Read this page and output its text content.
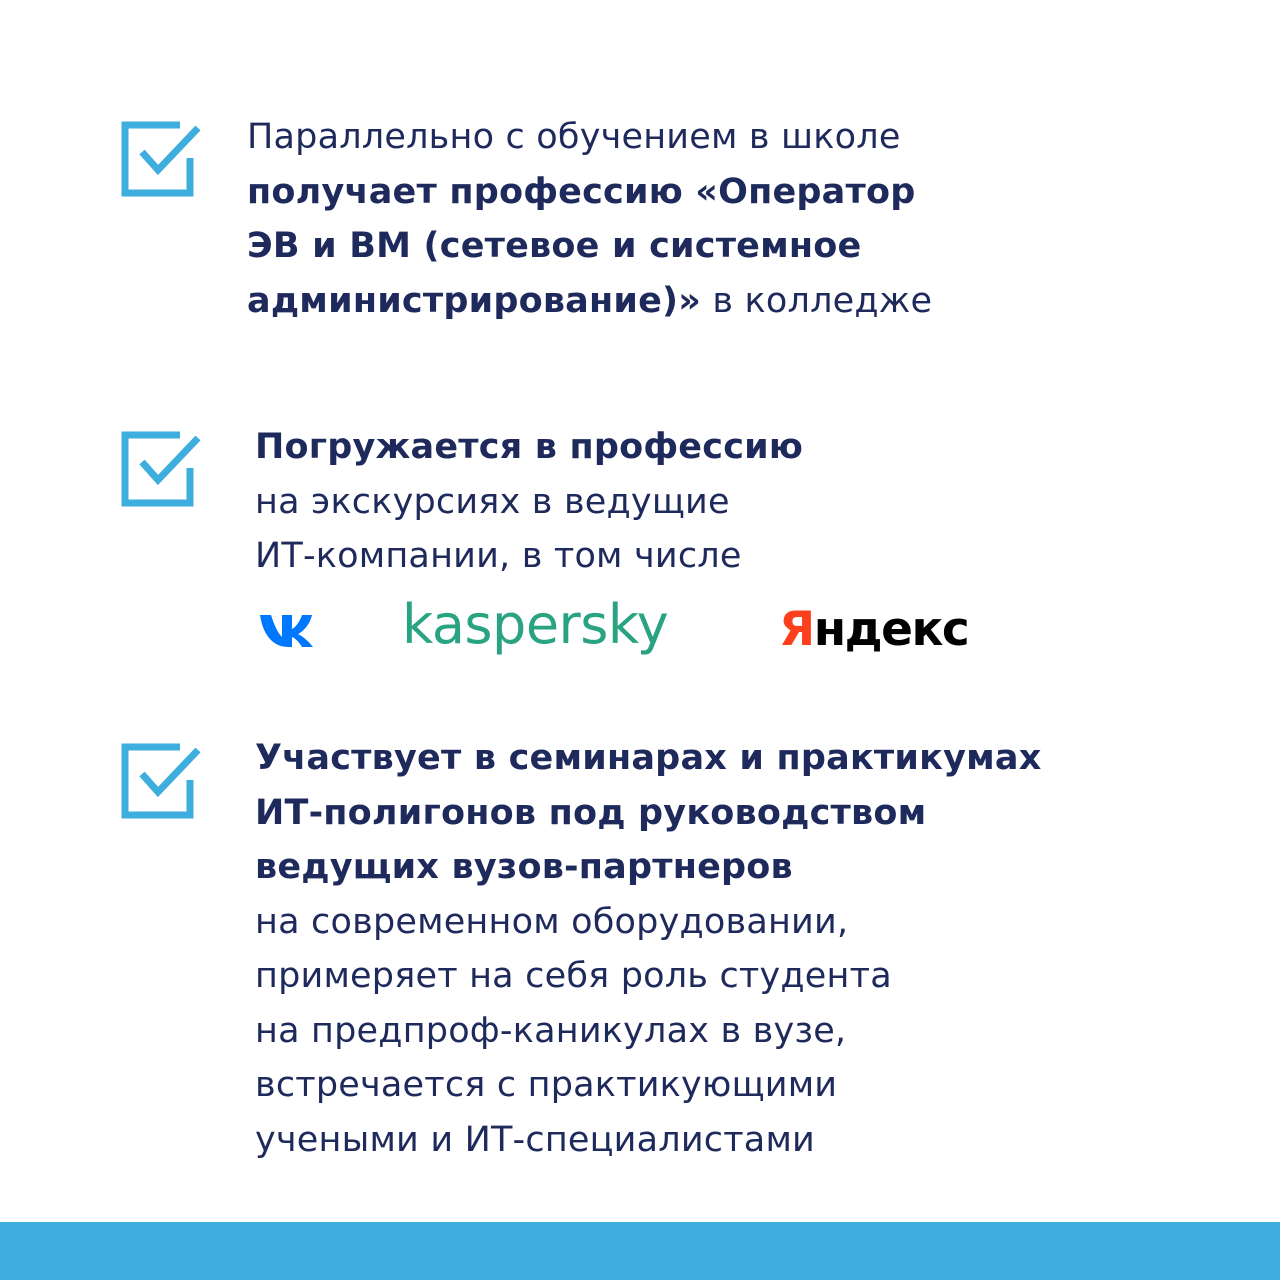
Параллельно с обучением в школе
получает профессию «Оператор
ЭВ и ВМ (сетевое и системное
администрирование)» в колледже
Погружается в профессию
на экскурсиях в ведущие
ИТ-компании, в том числе
kaspersky Яндекс
Участвует в семинарах и практикумах
ИТ-полигонов под руководством
ведущих вузов-партнеров
на современном оборудовании,
примеряет на себя роль студента
на предпроф-каникулах в вузе,
встречается с практикующими
учеными и ИТ-специалистами
